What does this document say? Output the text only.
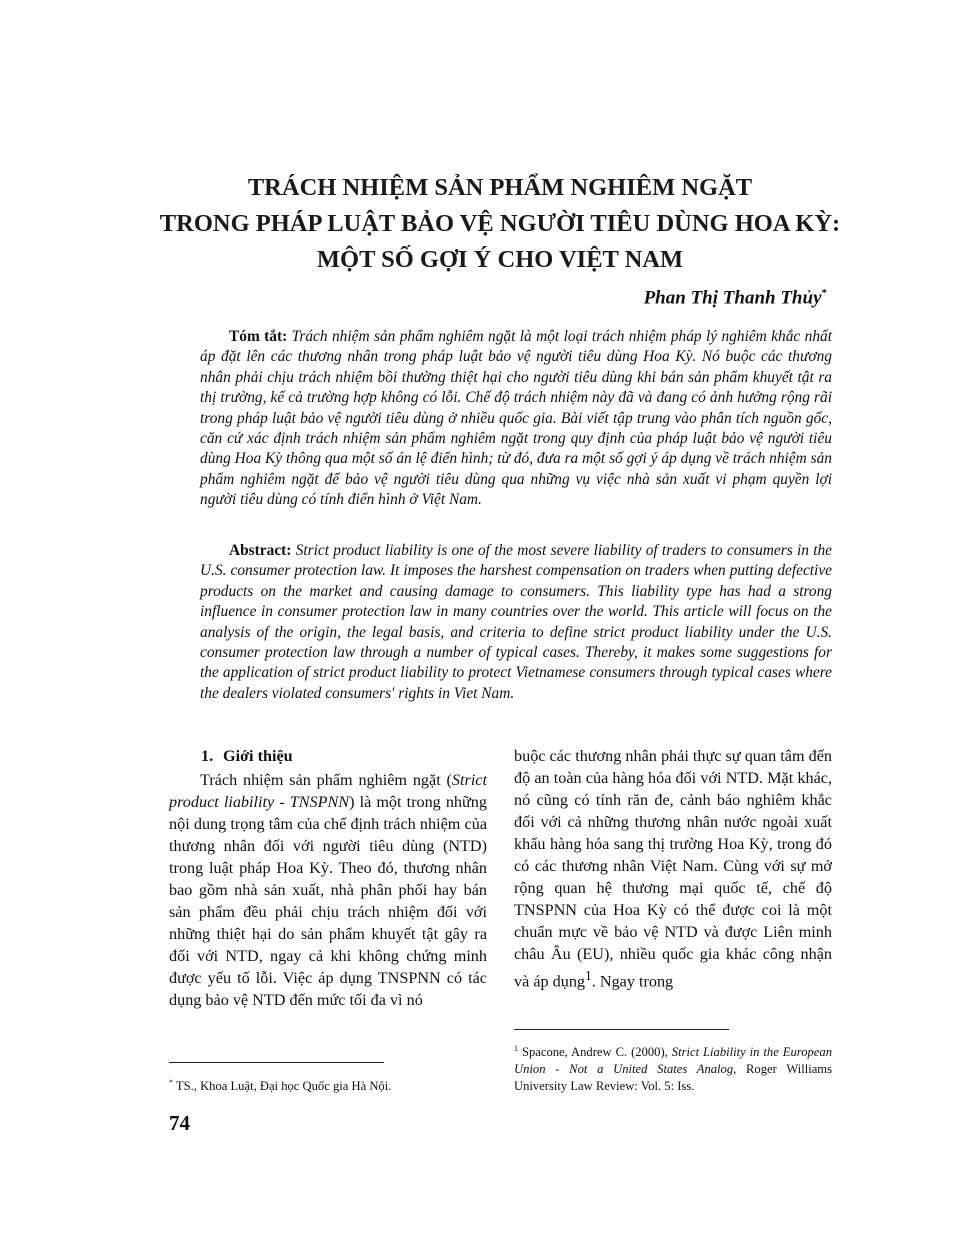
TRÁCH NHIỆM SẢN PHẨM NGHIÊM NGẶT
TRONG PHÁP LUẬT BẢO VỆ NGƯỜI TIÊU DÙNG HOA KỲ:
MỘT SỐ GỢI Ý CHO VIỆT NAM
Phan Thị Thanh Thủy*
Tóm tắt: Trách nhiệm sản phẩm nghiêm ngặt là một loại trách nhiệm pháp lý nghiêm khắc nhất áp đặt lên các thương nhân trong pháp luật bảo vệ người tiêu dùng Hoa Kỳ. Nó buộc các thương nhân phải chịu trách nhiệm bồi thường thiệt hại cho người tiêu dùng khi bán sản phẩm khuyết tật ra thị trường, kể cả trường hợp không có lỗi. Chế độ trách nhiệm này đã và đang có ảnh hưởng rộng rãi trong pháp luật bảo vệ người tiêu dùng ở nhiều quốc gia. Bài viết tập trung vào phân tích nguồn gốc, căn cứ xác định trách nhiệm sản phẩm nghiêm ngặt trong quy định của pháp luật bảo vệ người tiêu dùng Hoa Kỳ thông qua một số án lệ điển hình; từ đó, đưa ra một số gợi ý áp dụng về trách nhiệm sản phẩm nghiêm ngặt để bảo vệ người tiêu dùng qua những vụ việc nhà sản xuất vi phạm quyền lợi người tiêu dùng có tính điển hình ở Việt Nam.
Abstract: Strict product liability is one of the most severe liability of traders to consumers in the U.S. consumer protection law. It imposes the harshest compensation on traders when putting defective products on the market and causing damage to consumers. This liability type has had a strong influence in consumer protection law in many countries over the world. This article will focus on the analysis of the origin, the legal basis, and criteria to define strict product liability under the U.S. consumer protection law through a number of typical cases. Thereby, it makes some suggestions for the application of strict product liability to protect Vietnamese consumers through typical cases where the dealers violated consumers' rights in Viet Nam.
1. Giới thiệu

Trách nhiệm sản phẩm nghiêm ngặt (Strict product liability - TNSPNN) là một trong những nội dung trọng tâm của chế định trách nhiệm của thương nhân đối với người tiêu dùng (NTD) trong luật pháp Hoa Kỳ. Theo đó, thương nhân bao gồm nhà sản xuất, nhà phân phối hay bán sản phẩm đều phải chịu trách nhiệm đối với những thiệt hại do sản phẩm khuyết tật gây ra đối với NTD, ngay cả khi không chứng minh được yếu tố lỗi. Việc áp dụng TNSPNN có tác dụng bảo vệ NTD đến mức tối đa vì nó

buộc các thương nhân phải thực sự quan tâm đến độ an toàn của hàng hóa đối với NTD. Mặt khác, nó cũng có tính răn đe, cảnh báo nghiêm khắc đối với cả những thương nhân nước ngoài xuất khẩu hàng hóa sang thị trường Hoa Kỳ, trong đó có các thương nhân Việt Nam. Cùng với sự mở rộng quan hệ thương mại quốc tế, chế độ TNSPNN của Hoa Kỳ có thể được coi là một chuẩn mực về bảo vệ NTD và được Liên minh châu Âu (EU), nhiều quốc gia khác công nhận và áp dụng$^1$. Ngay trong

* TS., Khoa Luật, Đại học Quốc gia Hà Nội.
$^1$ Spacone, Andrew C. (2000), Strict Liability in the European Union - Not a United States Analog, Roger Williams University Law Review: Vol. 5: Iss.
74
